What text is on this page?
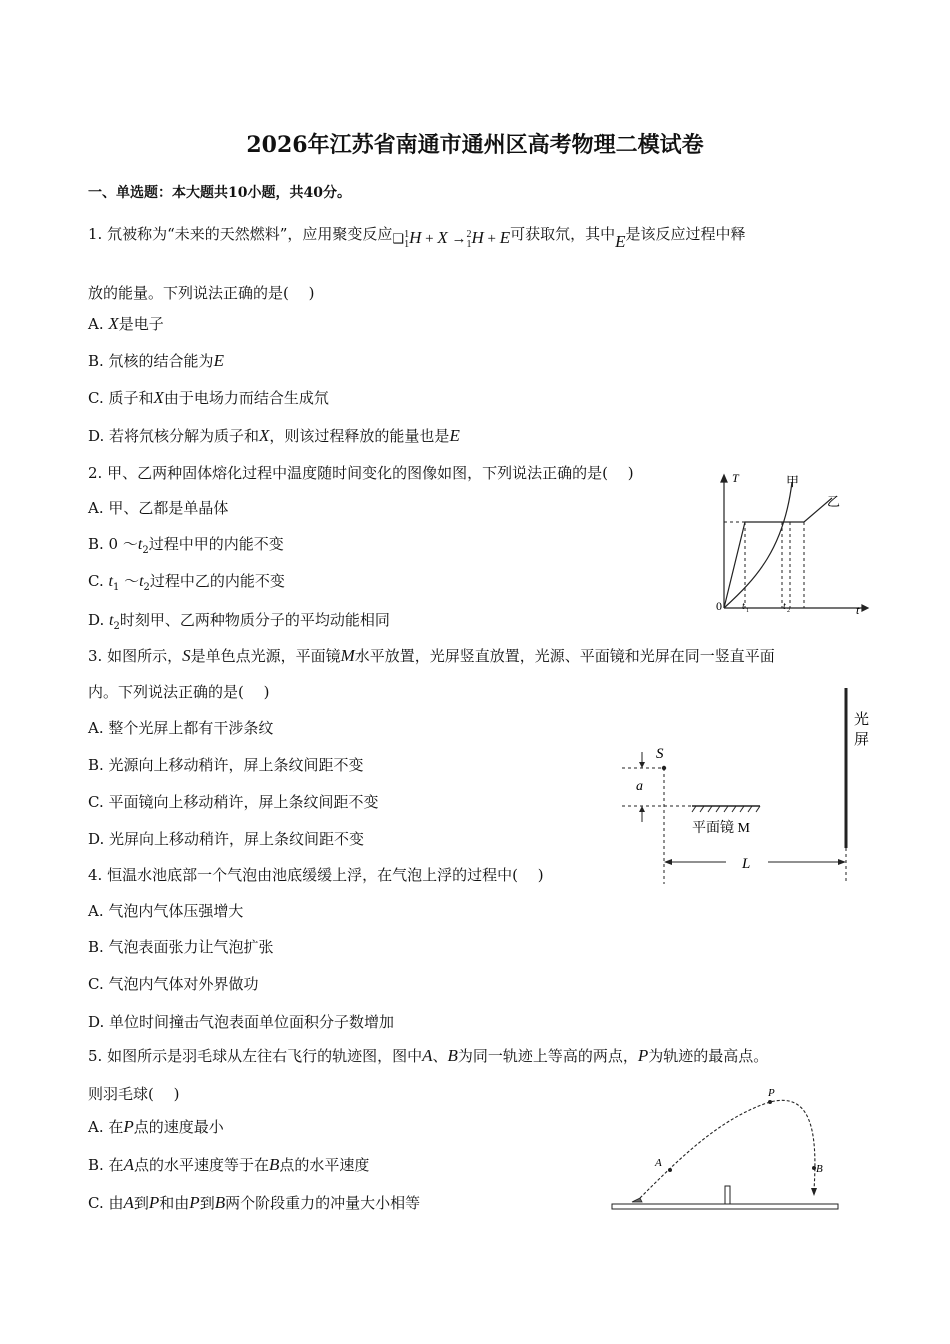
2026年江苏省南通市通州区高考物理二模试卷
一、单选题：本大题共10小题，共40分。
1. 氘被称为“未来的天然燃料”，应用聚变反应$❑_1^1H + X \to_1^2H + E$可获取氘，其中E是该反应过程中释
放的能量。下列说法正确的是(　 )
A. X是电子
B. 氘核的结合能为E
C. 质子和X由于电场力而结合生成氘
D. 若将氘核分解为质子和X，则该过程释放的能量也是E
2. 甲、乙两种固体熔化过程中温度随时间变化的图像如图，下列说法正确的是(　 )
A. 甲、乙都是单晶体
B. 0 $\sim t_2$过程中甲的内能不变
C. $t_1$ $\sim t_2$过程中乙的内能不变
D. $t_2$时刻甲、乙两种物质分子的平均动能相同
T
t
0
甲
乙
t 1	t 2
3. 如图所示，S是单色点光源，平面镜M水平放置，光屏竖直放置，光源、平面镜和光屏在同一竖直平面
内。下列说法正确的是(　 )
A. 整个光屏上都有干涉条纹
B. 光源向上移动稍许，屏上条纹间距不变
C. 平面镜向上移动稍许，屏上条纹间距不变
D. 光屏向上移动稍许，屏上条纹间距不变
S
a
平面镜 M
L
光
屏
4. 恒温水池底部一个气泡由池底缓缓上浮，在气泡上浮的过程中(　 )
A. 气泡内气体压强增大
B. 气泡表面张力让气泡扩张
C. 气泡内气体对外界做功
D. 单位时间撞击气泡表面单位面积分子数增加
5. 如图所示是羽毛球从左往右飞行的轨迹图，图中A、B为同一轨迹上等高的两点，P为轨迹的最高点。
则羽毛球(　 )
A. 在P点的速度最小
B. 在A点的水平速度等于在B点的水平速度
C. 由A到P和由P到B两个阶段重力的冲量大小相等
A
P
B
